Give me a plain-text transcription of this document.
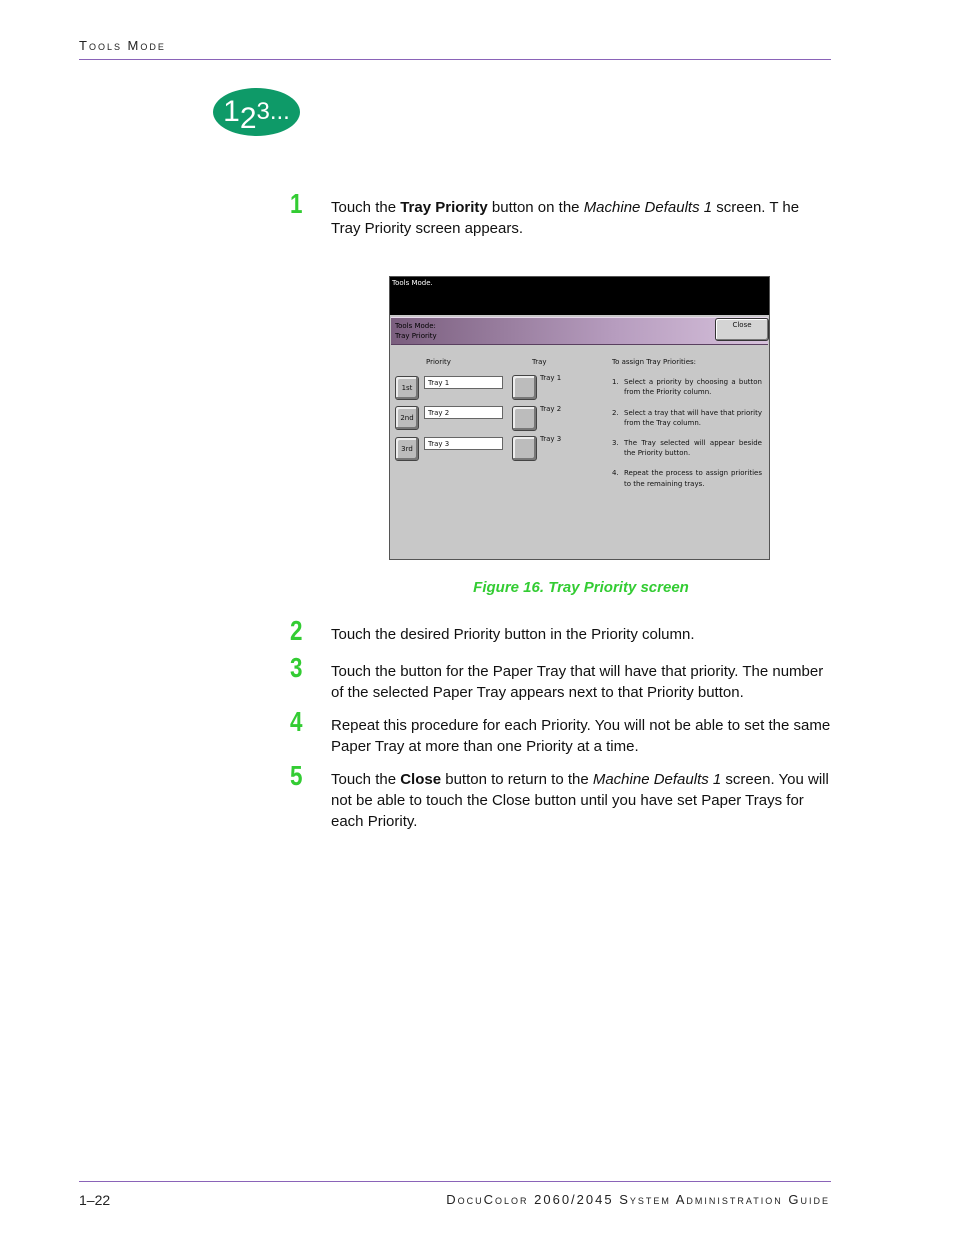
Tools Mode
1 2 3...
1 Touch the Tray Priority button on the Machine Defaults 1 screen. T he Tray Priority screen appears.
Tools Mode.
Tools Mode:
Tray Priority
Close
Priority	Tray
1st
2nd
3rd
Tray 1
Tray 2
Tray 3
Tray 1
Tray 2
Tray 3
To assign Tray Priorities:
1. Select a priority by choosing a button from the Priority column.
2. Select a tray that will have that priority from the Tray column.
3. The Tray selected will appear beside the Priority button.
4. Repeat the process to assign priorities to the remaining trays.
Figure 16. Tray Priority screen
2 Touch the desired Priority button in the Priority column.
3 Touch the button for the Paper Tray that will have that priority. The number of the selected Paper Tray appears next to that Priority button.
4 Repeat this procedure for each Priority. You will not be able to set the same Paper Tray at more than one Priority at a time.
5 Touch the Close button to return to the Machine Defaults 1 screen. You will not be able to touch the Close button until you have set Paper Trays for each Priority.
1–22	DocuColor 2060/2045 System Administration Guide
